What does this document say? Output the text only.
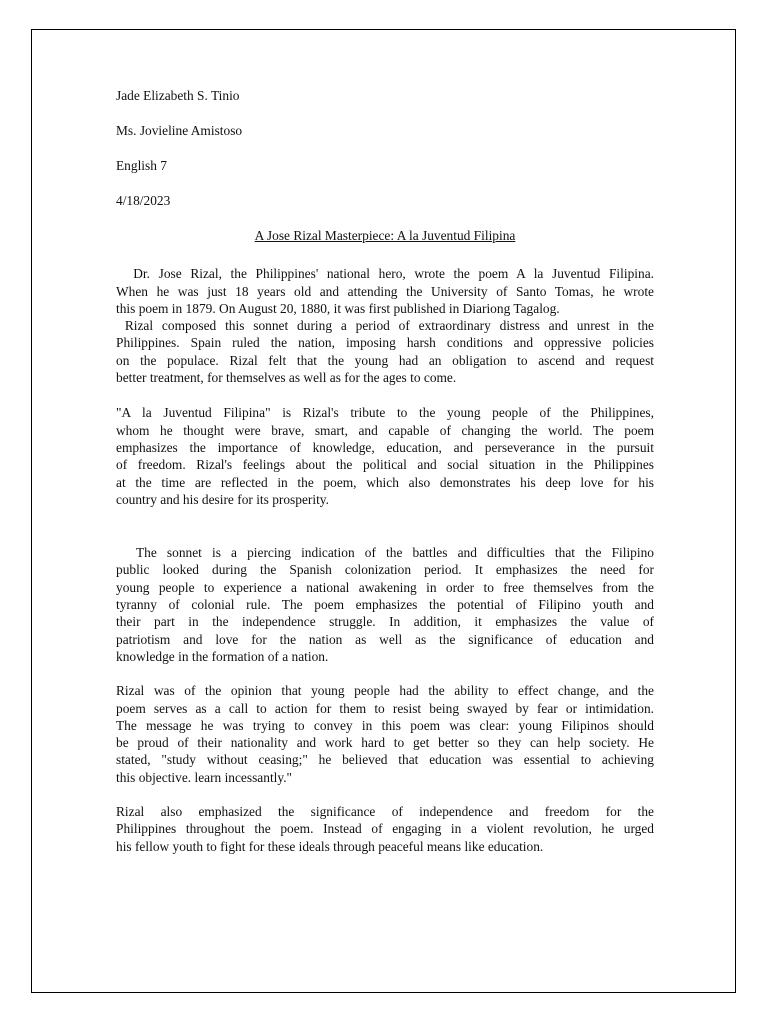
Jade Elizabeth S. Tinio

Ms. Jovieline Amistoso

English 7

4/18/2023

A Jose Rizal Masterpiece: A la Juventud Filipina

Dr. Jose Rizal, the Philippines' national hero, wrote the poem A la Juventud Filipina.
When he was just 18 years old and attending the University of Santo Tomas, he wrote
this poem in 1879. On August 20, 1880, it was first published in Diariong Tagalog.

Rizal composed this sonnet during a period of extraordinary distress and unrest in the
Philippines. Spain ruled the nation, imposing harsh conditions and oppressive policies
on the populace. Rizal felt that the young had an obligation to ascend and request
better treatment, for themselves as well as for the ages to come.

"A la Juventud Filipina" is Rizal's tribute to the young people of the Philippines,
whom he thought were brave, smart, and capable of changing the world. The poem
emphasizes the importance of knowledge, education, and perseverance in the pursuit
of freedom. Rizal's feelings about the political and social situation in the Philippines
at the time are reflected in the poem, which also demonstrates his deep love for his
country and his desire for its prosperity.

The sonnet is a piercing indication of the battles and difficulties that the Filipino
public looked during the Spanish colonization period. It emphasizes the need for
young people to experience a national awakening in order to free themselves from the
tyranny of colonial rule. The poem emphasizes the potential of Filipino youth and
their part in the independence struggle. In addition, it emphasizes the value of
patriotism and love for the nation as well as the significance of education and
knowledge in the formation of a nation.

Rizal was of the opinion that young people had the ability to effect change, and the
poem serves as a call to action for them to resist being swayed by fear or intimidation.
The message he was trying to convey in this poem was clear: young Filipinos should
be proud of their nationality and work hard to get better so they can help society. He
stated, "study without ceasing;" he believed that education was essential to achieving
this objective. learn incessantly."

Rizal also emphasized the significance of independence and freedom for the
Philippines throughout the poem. Instead of engaging in a violent revolution, he urged
his fellow youth to fight for these ideals through peaceful means like education.
